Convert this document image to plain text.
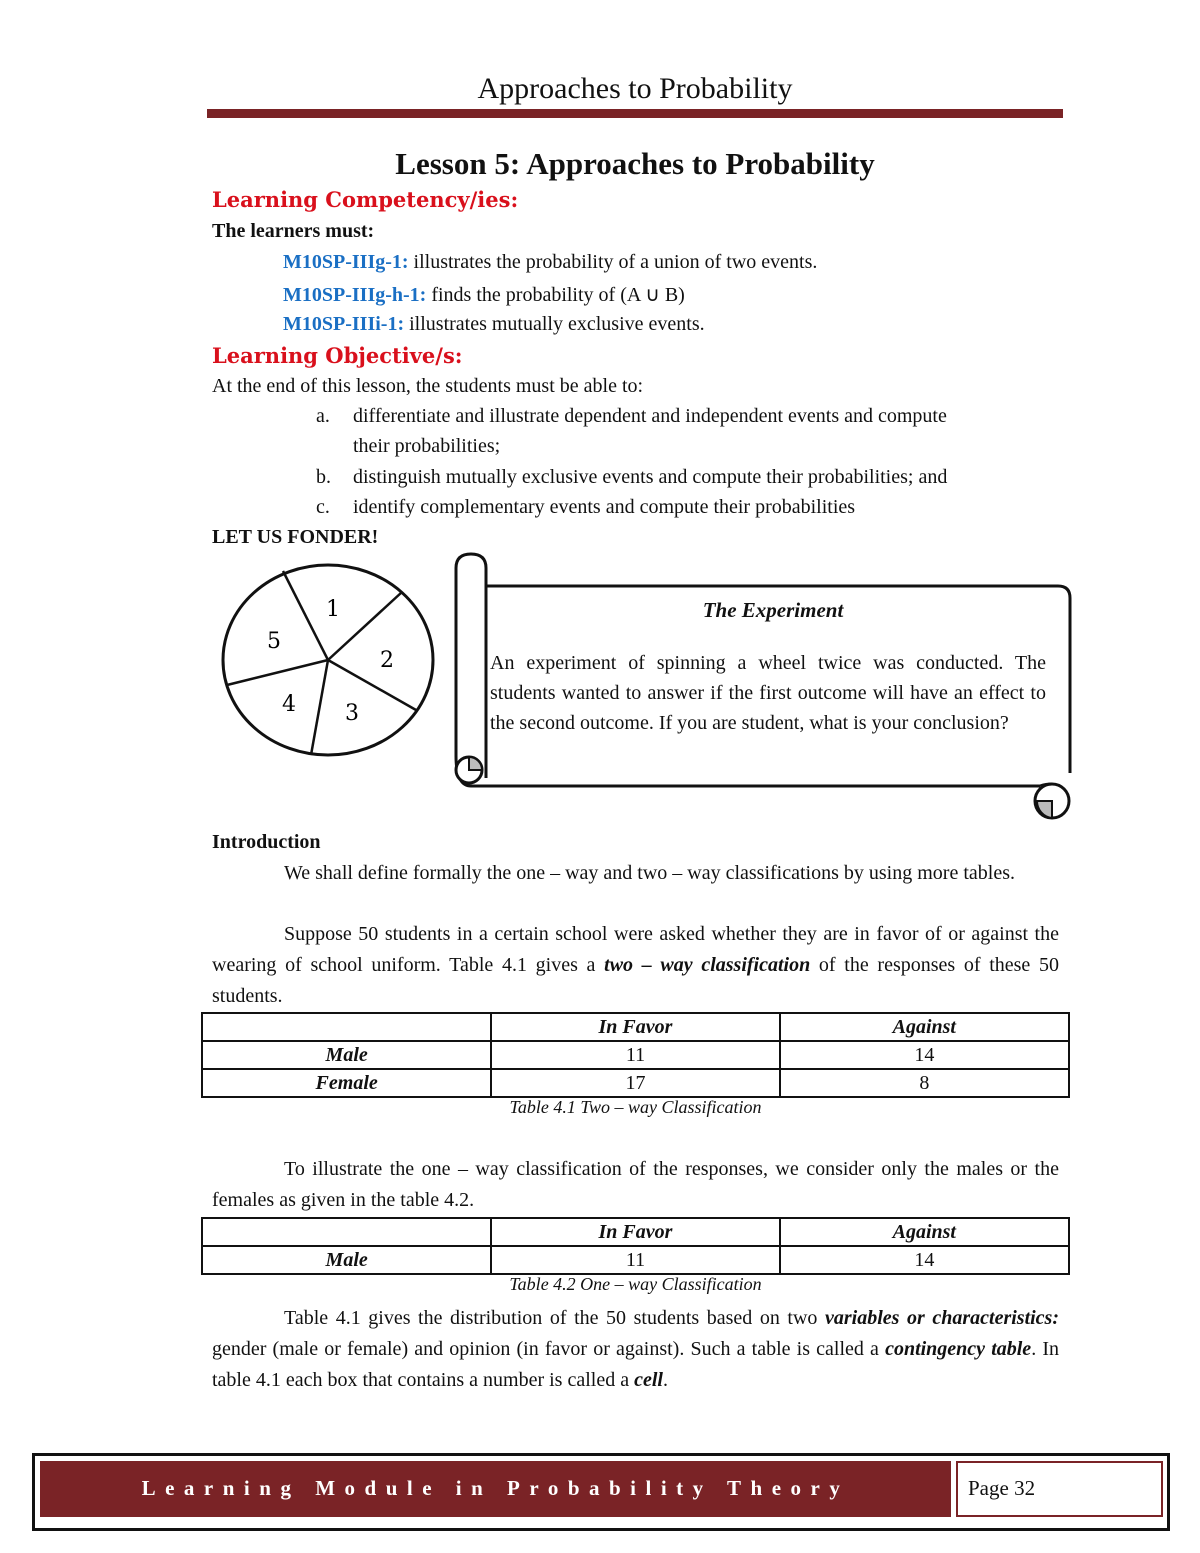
Approaches to Probability
Lesson 5: Approaches to Probability
Learning Competency/ies:
The learners must:
M10SP-IIIg-1: illustrates the probability of a union of two events.
M10SP-IIIg-h-1: finds the probability of (A ∪ B)
M10SP-IIIi-1: illustrates mutually exclusive events.
Learning Objective/s:
At the end of this lesson, the students must be able to:
a. differentiate and illustrate dependent and independent events and compute
their probabilities;
b. distinguish mutually exclusive events and compute their probabilities; and
c. identify complementary events and compute their probabilities
LET US FONDER!
1
2
3
4
5
The Experiment
An experiment of spinning a wheel twice was conducted. The students wanted to answer if the first outcome will have an effect to the second outcome. If you are student, what is your conclusion?
Introduction
We shall define formally the one – way and two – way classifications by using more tables.
Suppose 50 students in a certain school were asked whether they are in favor of or against the wearing of school uniform. Table 4.1 gives a two – way classification of the responses of these 50 students.
	In Favor	Against
Male	11	14
Female	17	8
Table 4.1 Two – way Classification
To illustrate the one – way classification of the responses, we consider only the males or the females as given in the table 4.2.
	In Favor	Against
Male	11	14
Table 4.2 One – way Classification
Table 4.1 gives the distribution of the 50 students based on two variables or characteristics: gender (male or female) and opinion (in favor or against). Such a table is called a contingency table. In table 4.1 each box that contains a number is called a cell.
Learning Module in Probability Theory	Page 32
